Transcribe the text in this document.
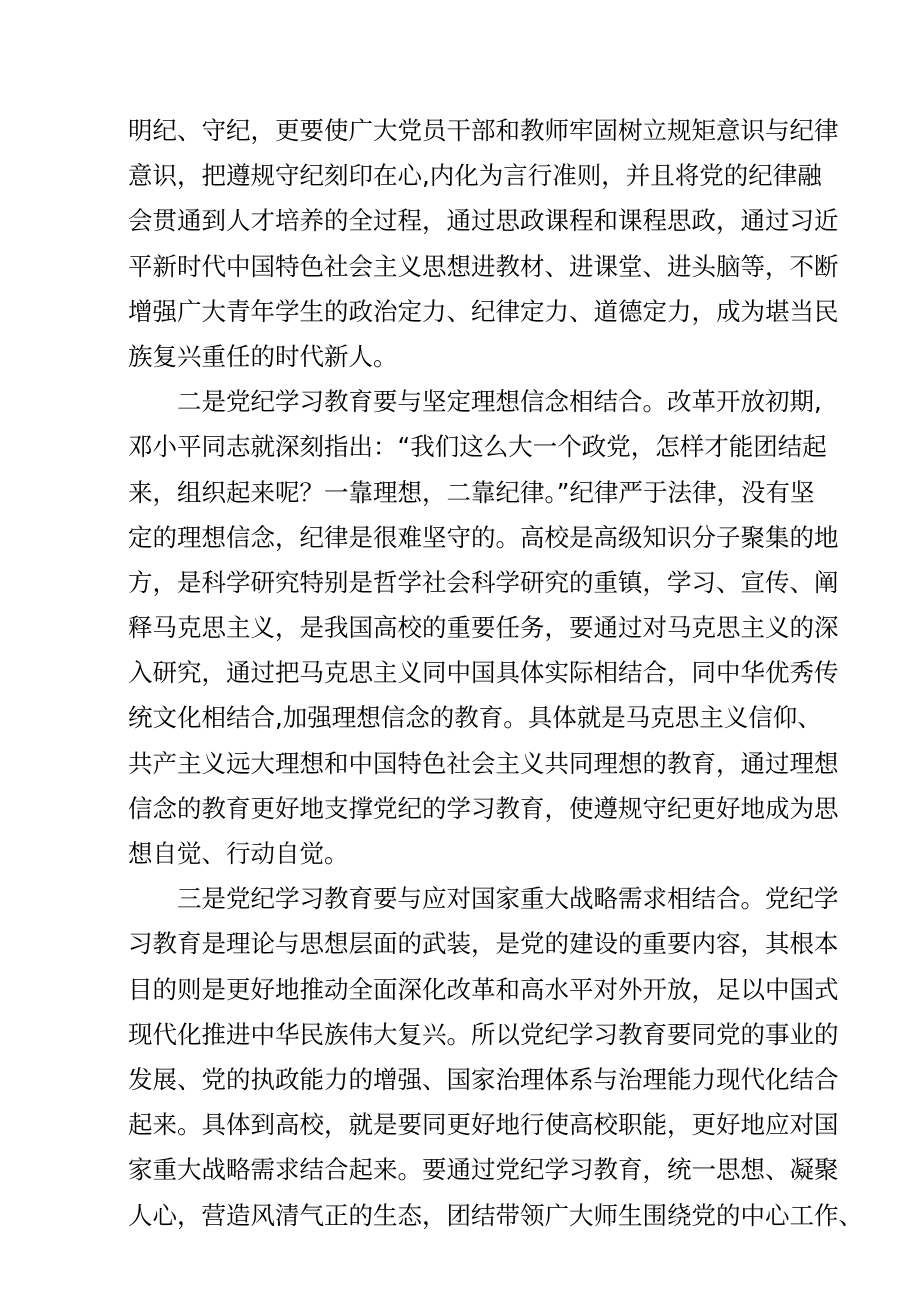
明纪、守纪，更要使广大党员干部和教师牢固树立规矩意识与纪律
意识，把遵规守纪刻印在心,内化为言行准则，并且将党的纪律融
会贯通到人才培养的全过程，通过思政课程和课程思政，通过习近
平新时代中国特色社会主义思想进教材、进课堂、进头脑等，不断
增强广大青年学生的政治定力、纪律定力、道德定力，成为堪当民
族复兴重任的时代新人。
二是党纪学习教育要与坚定理想信念相结合。改革开放初期,
邓小平同志就深刻指出：“我们这么大一个政党，怎样才能团结起
来，组织起来呢？一靠理想，二靠纪律。”纪律严于法律，没有坚
定的理想信念，纪律是很难坚守的。高校是高级知识分子聚集的地
方，是科学研究特别是哲学社会科学研究的重镇，学习、宣传、阐
释马克思主义，是我国高校的重要任务，要通过对马克思主义的深
入研究，通过把马克思主义同中国具体实际相结合，同中华优秀传
统文化相结合,加强理想信念的教育。具体就是马克思主义信仰、
共产主义远大理想和中国特色社会主义共同理想的教育，通过理想
信念的教育更好地支撑党纪的学习教育，使遵规守纪更好地成为思
想自觉、行动自觉。
三是党纪学习教育要与应对国家重大战略需求相结合。党纪学
习教育是理论与思想层面的武装，是党的建设的重要内容，其根本
目的则是更好地推动全面深化改革和高水平对外开放，足以中国式
现代化推进中华民族伟大复兴。所以党纪学习教育要同党的事业的
发展、党的执政能力的增强、国家治理体系与治理能力现代化结合
起来。具体到高校，就是要同更好地行使高校职能，更好地应对国
家重大战略需求结合起来。要通过党纪学习教育，统一思想、凝聚
人心，营造风清气正的生态，团结带领广大师生围绕党的中心工作、
